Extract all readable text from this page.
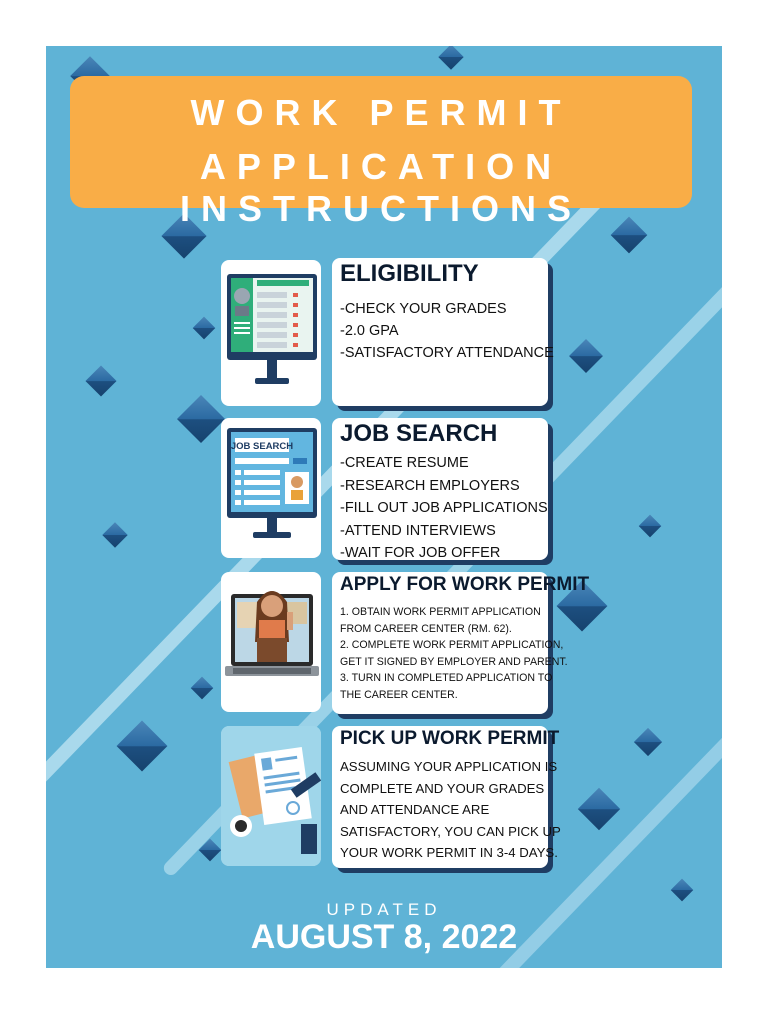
WORK PERMIT
APPLICATION INSTRUCTIONS
ELIGIBILITY
-CHECK YOUR GRADES
-2.0 GPA
-SATISFACTORY ATTENDANCE
JOB SEARCH JOB SEARCH
-CREATE RESUME
-RESEARCH EMPLOYERS
-FILL OUT JOB APPLICATIONS
-ATTEND INTERVIEWS
-WAIT FOR JOB OFFER
APPLY FOR WORK PERMIT
1. OBTAIN WORK PERMIT APPLICATION
FROM CAREER CENTER (RM. 62).
2. COMPLETE WORK PERMIT APPLICATION,
GET IT SIGNED BY EMPLOYER AND PARENT.
3. TURN IN COMPLETED APPLICATION TO
THE CAREER CENTER.
PICK UP WORK PERMIT
ASSUMING YOUR APPLICATION IS
COMPLETE AND YOUR GRADES
AND ATTENDANCE ARE
SATISFACTORY, YOU CAN PICK UP
YOUR WORK PERMIT IN 3-4 DAYS.
UPDATED
AUGUST 8, 2022
